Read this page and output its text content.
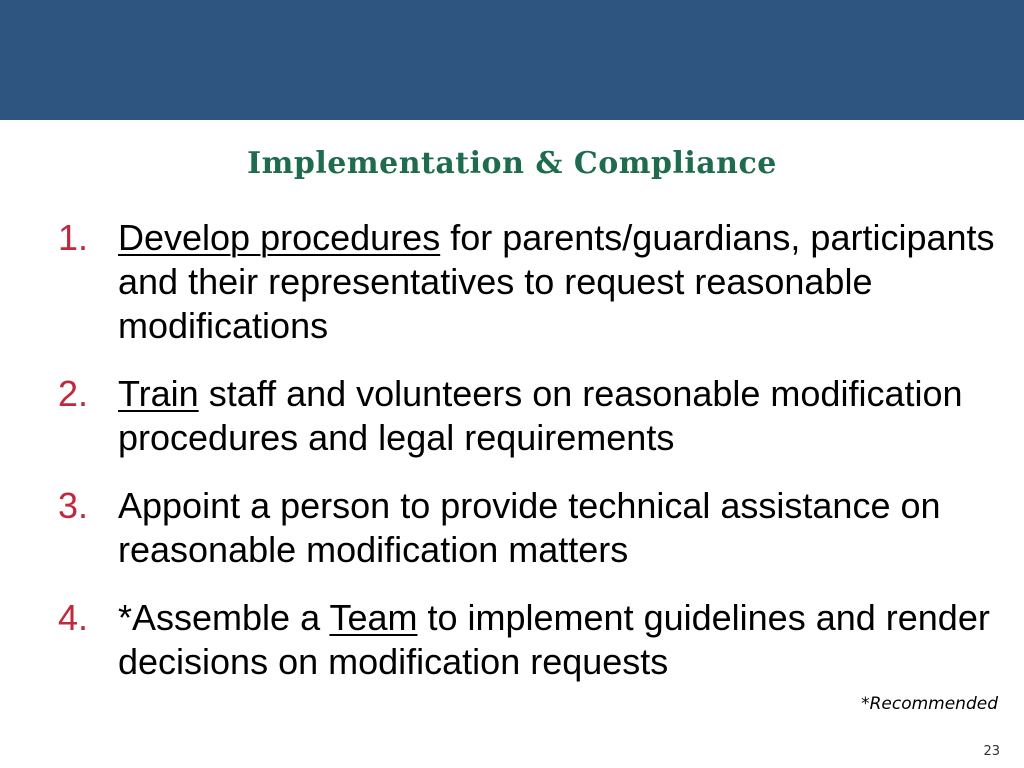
Implementation & Compliance
1. Develop procedures for parents/guardians, participants and their representatives to request reasonable modifications
2. Train staff and volunteers on reasonable modification procedures and legal requirements
3. Appoint a person to provide technical assistance on reasonable modification matters
4. *Assemble a Team to implement guidelines and render decisions on modification requests
*Recommended
23
